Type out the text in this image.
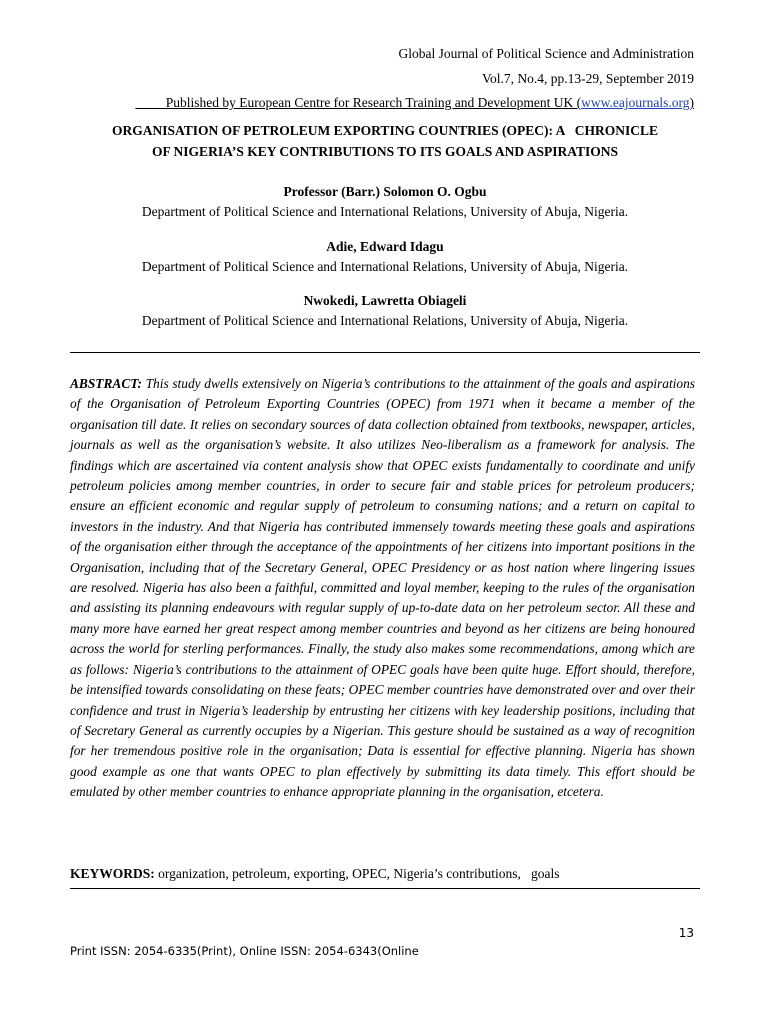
Global Journal of Political Science and Administration
Vol.7, No.4, pp.13-29, September 2019
Published by European Centre for Research Training and Development UK (www.eajournals.org)
ORGANISATION OF PETROLEUM EXPORTING COUNTRIES (OPEC): A   CHRONICLE
OF NIGERIA’S KEY CONTRIBUTIONS TO ITS GOALS AND ASPIRATIONS
Professor (Barr.) Solomon O. Ogbu
Department of Political Science and International Relations, University of Abuja, Nigeria.
Adie, Edward Idagu
Department of Political Science and International Relations, University of Abuja, Nigeria.
Nwokedi, Lawretta Obiageli
Department of Political Science and International Relations, University of Abuja, Nigeria.
ABSTRACT: This study dwells extensively on Nigeria’s contributions to the attainment of the goals and aspirations of the Organisation of Petroleum Exporting Countries (OPEC) from 1971 when it became a member of the organisation till date. It relies on secondary sources of data collection obtained from textbooks, newspaper, articles, journals as well as the organisation’s website. It also utilizes Neo-liberalism as a framework for analysis. The findings which are ascertained via content analysis show that OPEC exists fundamentally to coordinate and unify petroleum policies among member countries, in order to secure fair and stable prices for petroleum producers; ensure an efficient economic and regular supply of petroleum to consuming nations; and a return on capital to investors in the industry. And that Nigeria has contributed immensely towards meeting these goals and aspirations of the organisation either through the acceptance of the appointments of her citizens into important positions in the Organisation, including that of the Secretary General, OPEC Presidency or as host nation where lingering issues are resolved. Nigeria has also been a faithful, committed and loyal member, keeping to the rules of the organisation and assisting its planning endeavours with regular supply of up-to-date data on her petroleum sector. All these and many more have earned her great respect among member countries and beyond as her citizens are being honoured across the world for sterling performances. Finally, the study also makes some recommendations, among which are as follows: Nigeria’s contributions to the attainment of OPEC goals have been quite huge. Effort should, therefore, be intensified towards consolidating on these feats; OPEC member countries have demonstrated over and over their confidence and trust in Nigeria’s leadership by entrusting her citizens with key leadership positions, including that of Secretary General as currently occupies by a Nigerian. This gesture should be sustained as a way of recognition for her tremendous positive role in the organisation; Data is essential for effective planning. Nigeria has shown good example as one that wants OPEC to plan effectively by submitting its data timely. This effort should be emulated by other member countries to enhance appropriate planning in the organisation, etcetera.
KEYWORDS: organization, petroleum, exporting, OPEC, Nigeria’s contributions,   goals
13
Print ISSN: 2054-6335(Print), Online ISSN: 2054-6343(Online
